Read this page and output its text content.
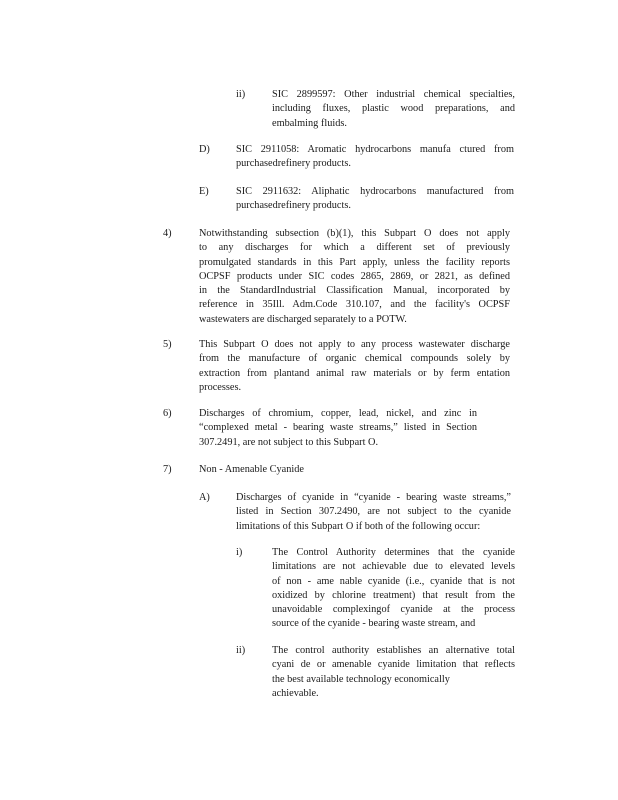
ii)	SIC 2899597: Other industrial chemical specialties,
including fluxes, plastic wood preparations, and
embalming fluids.
D)	SIC 2911058: Aromatic hydrocarbons manufa ctured from
purchasedrefinery products.
E)	SIC 2911632: Aliphatic hydrocarbons manufactured from
purchasedrefinery products.
4)	Notwithstanding subsection (b)(1), this Subpart O does not apply
to any discharges for which a different set of previously
promulgated standards in this Part apply, unless the facility reports
OCPSF products under SIC codes 2865, 2869, or 2821, as defined
in the StandardIndustrial Classification Manual, incorporated by
reference in 35Ill. Adm.Code 310.107, and the facility's OCPSF
wastewaters are discharged separately to a POTW.
5)	This Subpart O does not apply to any process wastewater discharge
from the manufacture of organic chemical compounds solely by
extraction from plantand animal raw materials or by ferm entation
processes.
6)	Discharges of chromium, copper, lead, nickel, and zinc in
“complexed metal - bearing waste streams,” listed in Section
307.2491, are not subject to this Subpart O.
7)	Non - Amenable Cyanide
A)	Discharges of cyanide in “cyanide - bearing waste streams,”
listed in Section 307.2490, are not subject to the cyanide
limitations of this Subpart O if both of the following occur:
i)	The Control Authority determines that the cyanide
limitations are not achievable due to elevated levels
of non - ame nable cyanide (i.e., cyanide that is not
oxidized by chlorine treatment) that result from the
unavoidable complexingof cyanide at the process
source of the cyanide - bearing waste stream, and
ii)	The control authority establishes an alternative total
cyani de or amenable cyanide limitation that reflects
the best available technology economically
achievable.
